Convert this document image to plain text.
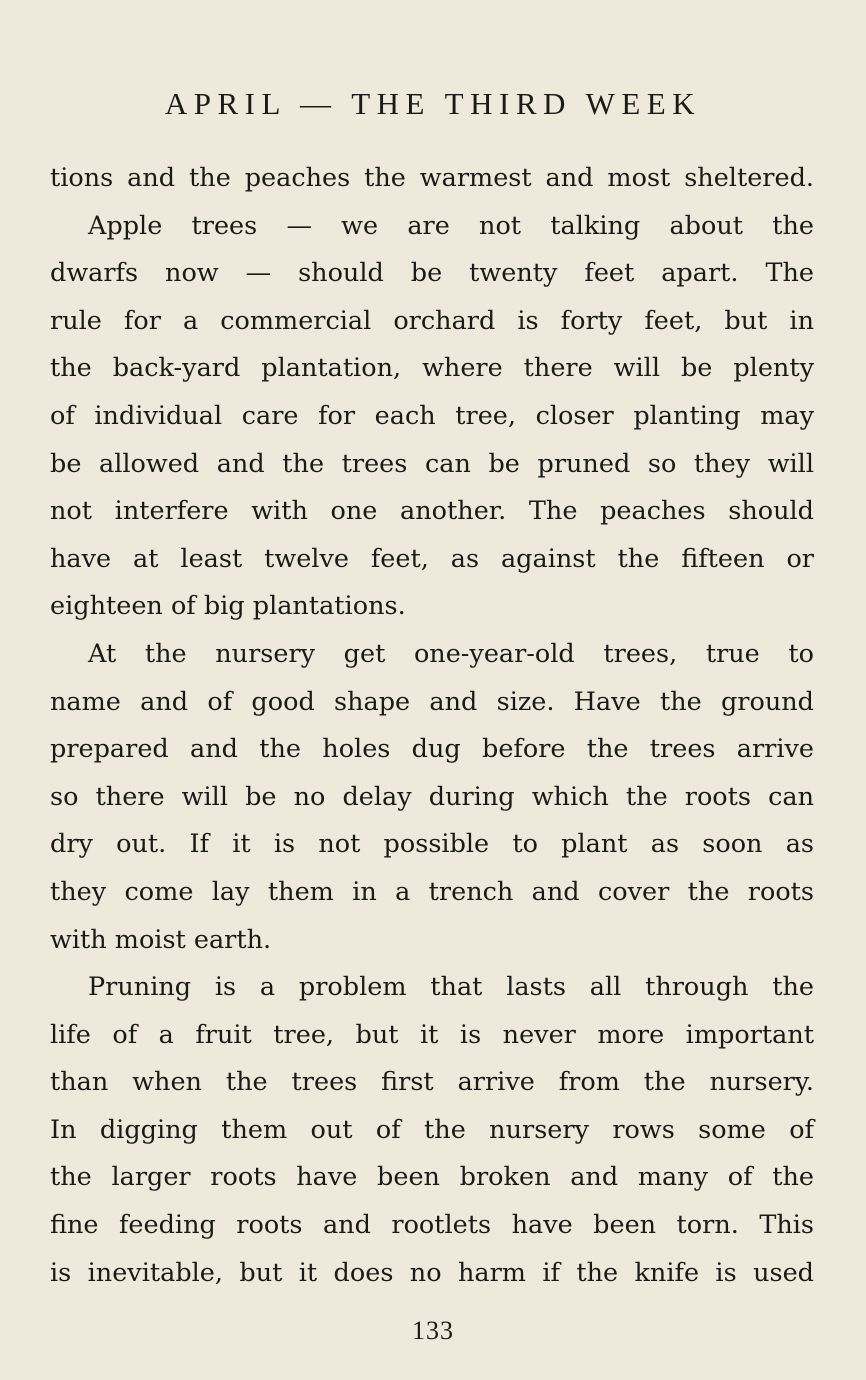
APRIL — THE THIRD WEEK
tions and the peaches the warmest and most sheltered.
Apple trees — we are not talking about the
dwarfs now — should be twenty feet apart. The
rule for a commercial orchard is forty feet, but in
the back-yard plantation, where there will be plenty
of individual care for each tree, closer planting may
be allowed and the trees can be pruned so they will
not interfere with one another. The peaches should
have at least twelve feet, as against the fifteen or
eighteen of big plantations.
At the nursery get one-year-old trees, true to
name and of good shape and size. Have the ground
prepared and the holes dug before the trees arrive
so there will be no delay during which the roots can
dry out. If it is not possible to plant as soon as
they come lay them in a trench and cover the roots
with moist earth.
Pruning is a problem that lasts all through the
life of a fruit tree, but it is never more important
than when the trees first arrive from the nursery.
In digging them out of the nursery rows some of
the larger roots have been broken and many of the
fine feeding roots and rootlets have been torn. This
is inevitable, but it does no harm if the knife is used
133
